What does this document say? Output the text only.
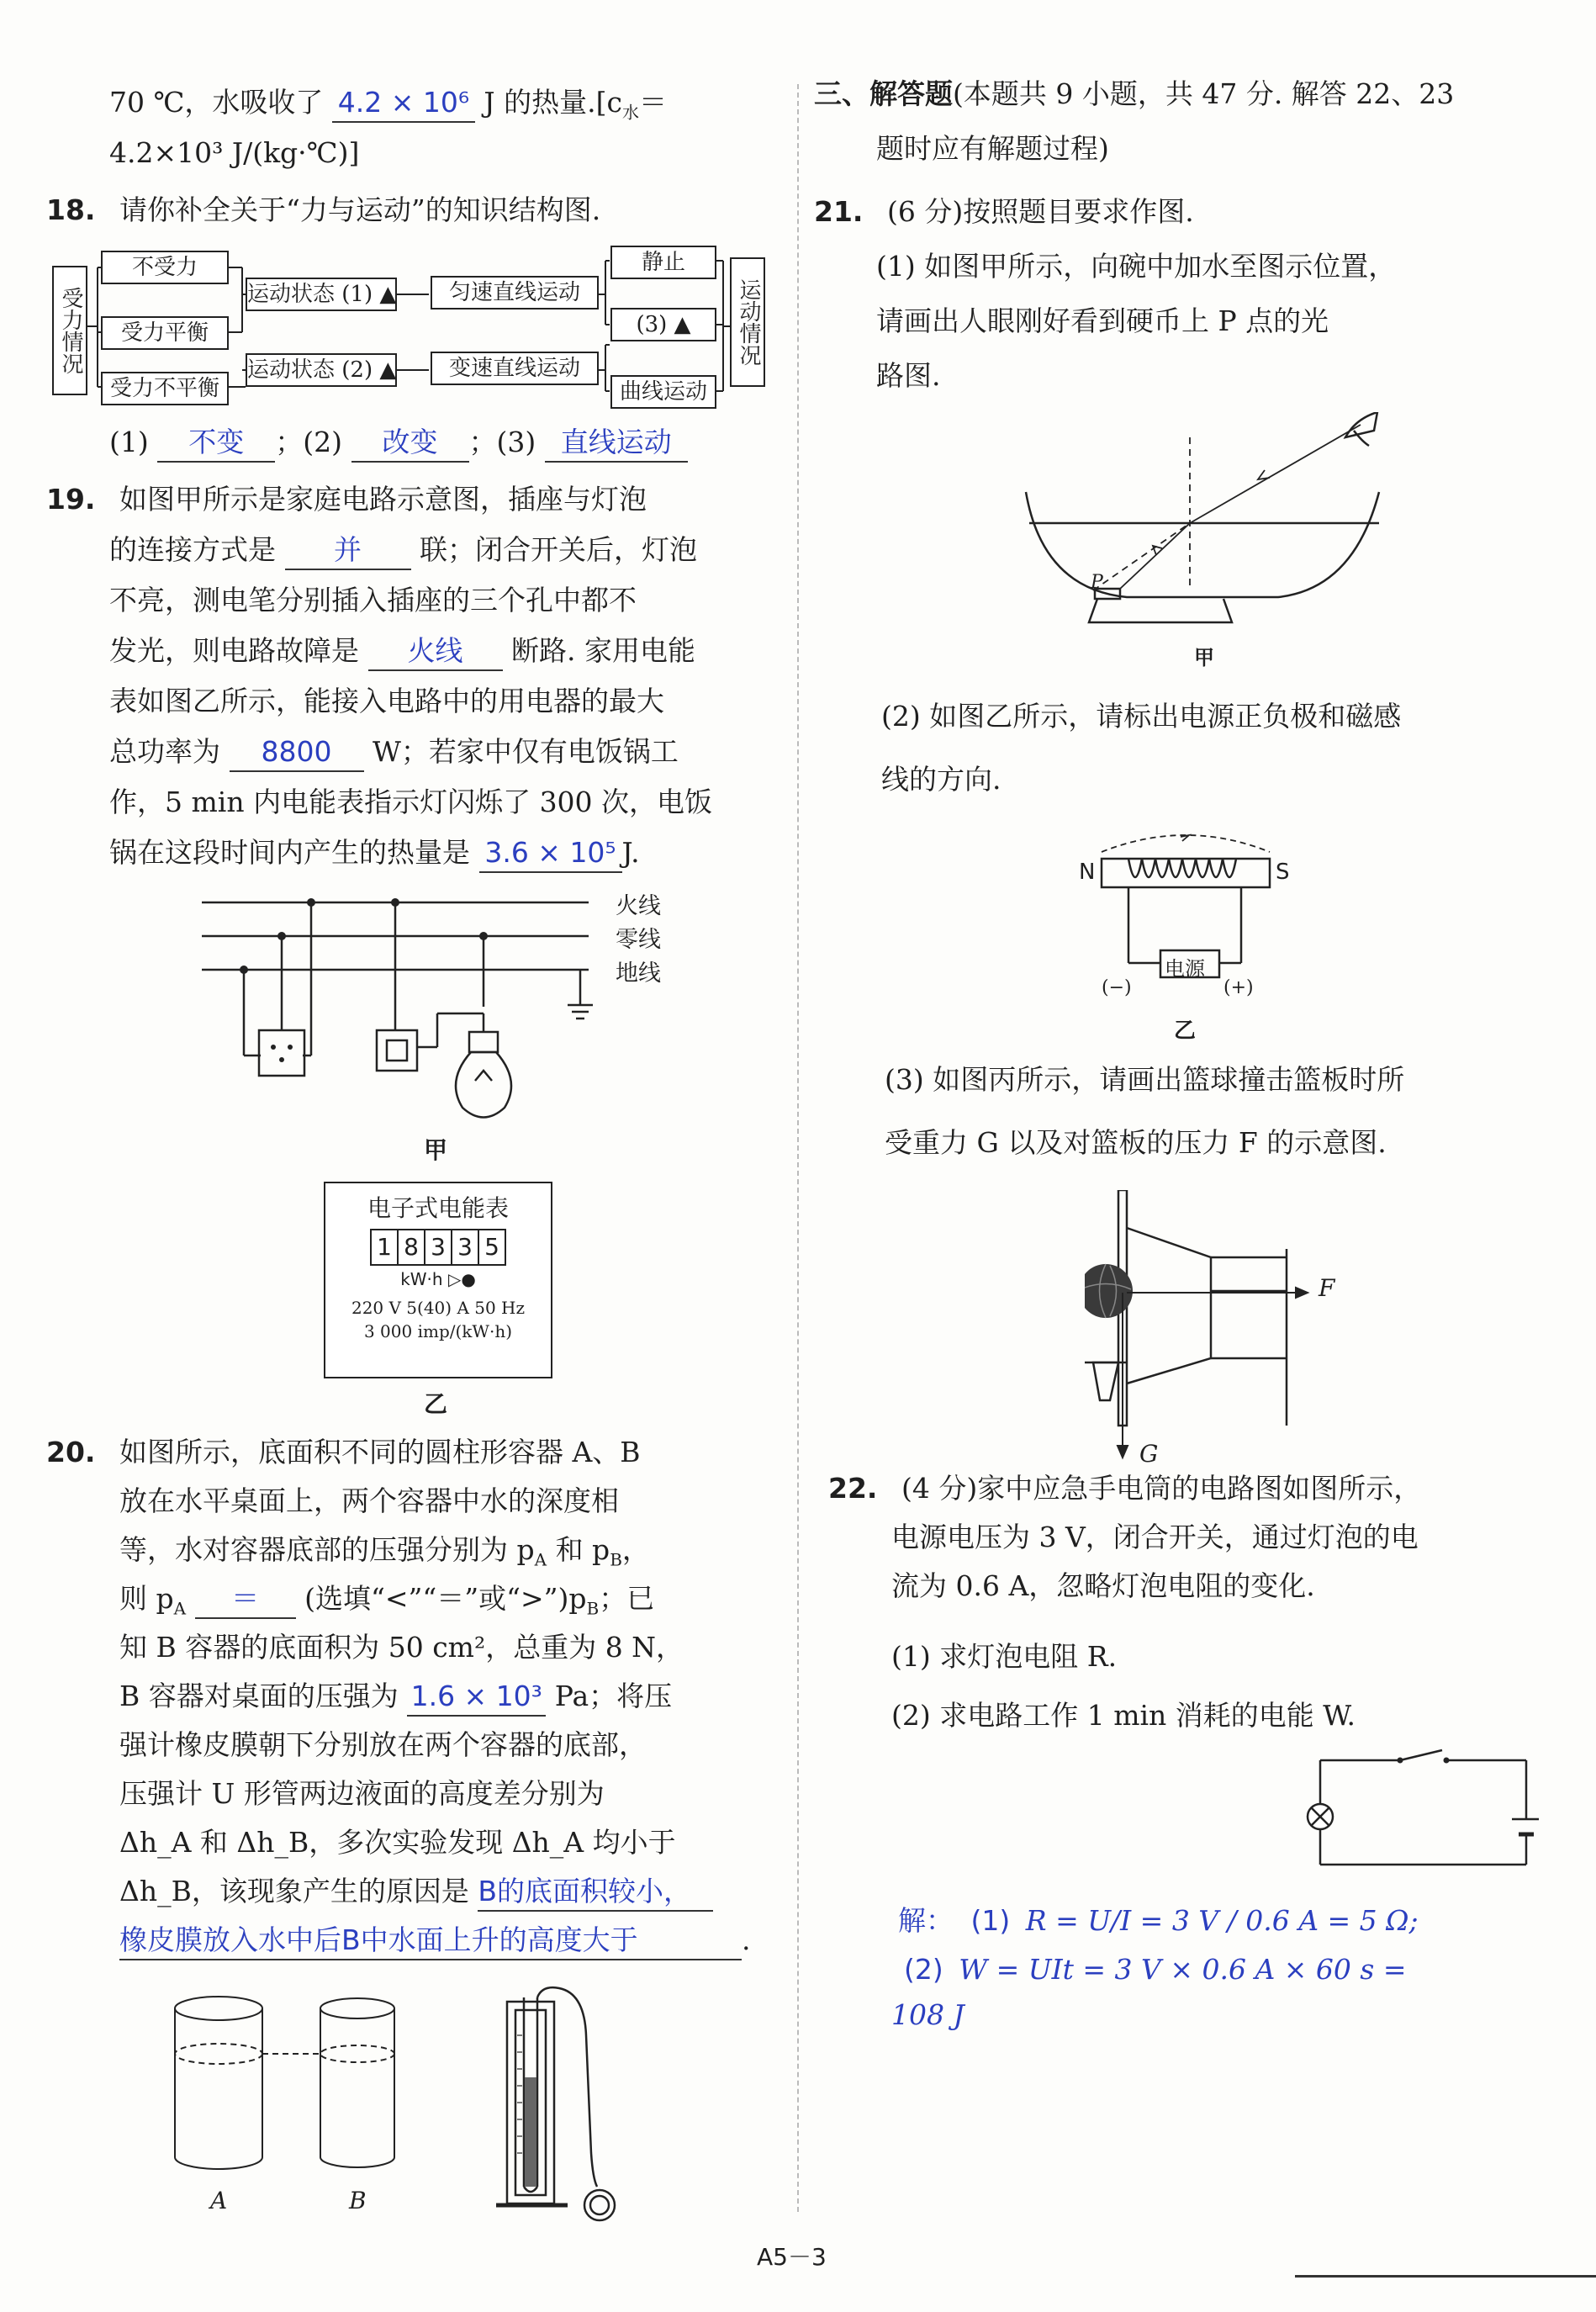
70 ℃，水吸收了 4.2 × 10⁶ J 的热量$.[c_水=$
4.2×10³ J/(kg·℃)]
18. 请你补全关于“力与运动”的知识结构图.
受力情况
不受力
受力平衡
受力不平衡
运动状态 (1) ▲
运动状态 (2) ▲
匀速直线运动
变速直线运动
静止
(3) ▲
曲线运动
运动情况
(1) 不变 ；(2) 改变 ；(3) 直线运动
19. 如图甲所示是家庭电路示意图，插座与灯泡
的连接方式是 并 联；闭合开关后，灯泡
不亮，测电笔分别插入插座的三个孔中都不
发光，则电路故障是 火线 断路. 家用电能
表如图乙所示，能接入电路中的用电器的最大
总功率为 8800 W；若家中仅有电饭锅工
作，5 min 内电能表指示灯闪烁了 300 次，电饭
锅在这段时间内产生的热量是 3.6 × 10⁵ J.
火线
零线
地线
甲
电子式电能表
1 8 3 3 5
kW·h ▷●
220 V 5(40) A 50 Hz
3 000 imp/(kW·h)
乙
20. 如图所示，底面积不同的圆柱形容器 A、B
放在水平桌面上，两个容器中水的深度相
等，水对容器底部的压强分别为 $p_A$ 和 $p_B$，
则 $p_A$ ＝ (选填“<”“＝”或“$>”)p_B$；已
知 B 容器的底面积为 50 cm²，总重为 8 N，
B 容器对桌面的压强为 1.6 × 10³ Pa；将压
强计橡皮膜朝下分别放在两个容器的底部，
压强计 U 形管两边液面的高度差分别为
Δh_A 和 Δh_B，多次实验发现 Δh_A 均小于
Δh_B，该现象产生的原因是 B的底面积较小，
橡皮膜放入水中后B中水面上升的高度大于	.
A	B
三、解答题(本题共 9 小题，共 47 分. 解答 22、23
题时应有解题过程)
21. (6 分)按照题目要求作图.
(1) 如图甲所示，向碗中加水至图示位置，
请画出人眼刚好看到硬币上 P 点的光
路图.
P
甲
(2) 如图乙所示，请标出电源正负极和磁感
线的方向.
N	S
电源
(−)	(+)
乙
(3) 如图丙所示，请画出篮球撞击篮板时所
受重力 G 以及对篮板的压力 F 的示意图.
F
G
22. (4 分)家中应急手电筒的电路图如图所示，
电源电压为 3 V，闭合开关，通过灯泡的电
流为 0.6 A，忽略灯泡电阻的变化.
(1) 求灯泡电阻 R.
(2) 求电路工作 1 min 消耗的电能 W.
解： (1) R = U/I = 3 V / 0.6 A = 5 Ω;
(2) W = UIt = 3 V × 0.6 A × 60 s =
108 J
A5－3
